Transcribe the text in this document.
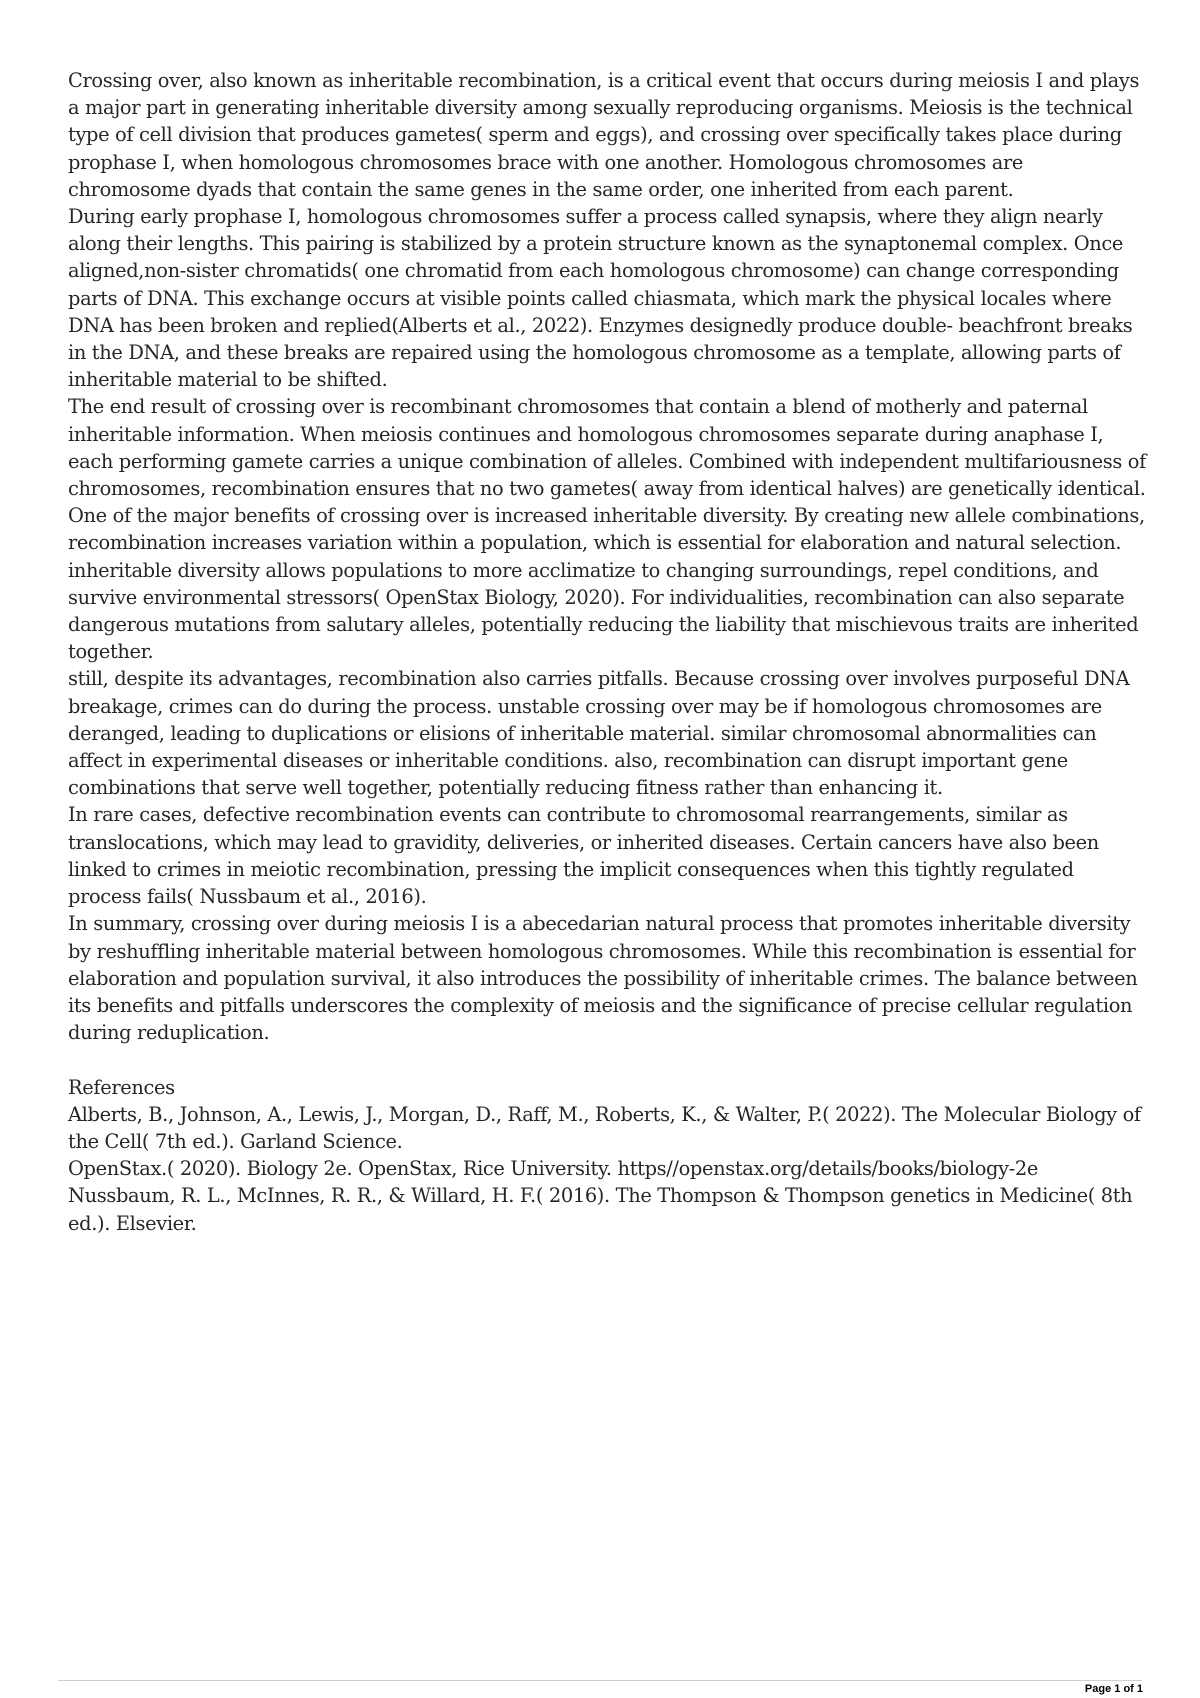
Crossing over, also known as inheritable recombination, is a critical event that occurs during meiosis I and plays a major part in generating inheritable diversity among sexually reproducing organisms. Meiosis is the technical type of cell division that produces gametes( sperm and eggs), and crossing over specifically takes place during prophase I, when homologous chromosomes brace with one another. Homologous chromosomes are chromosome dyads that contain the same genes in the same order, one inherited from each parent.

During early prophase I, homologous chromosomes suffer a process called synapsis, where they align nearly along their lengths. This pairing is stabilized by a protein structure known as the synaptonemal complex. Once aligned,non-sister chromatids( one chromatid from each homologous chromosome) can change corresponding parts of DNA. This exchange occurs at visible points called chiasmata, which mark the physical locales where DNA has been broken and replied(Alberts et al., 2022). Enzymes designedly produce double- beachfront breaks in the DNA, and these breaks are repaired using the homologous chromosome as a template, allowing parts of inheritable material to be shifted.

The end result of crossing over is recombinant chromosomes that contain a blend of motherly and paternal inheritable information. When meiosis continues and homologous chromosomes separate during anaphase I, each performing gamete carries a unique combination of alleles. Combined with independent multifariousness of chromosomes, recombination ensures that no two gametes( away from identical halves) are genetically identical.

One of the major benefits of crossing over is increased inheritable diversity. By creating new allele combinations, recombination increases variation within a population, which is essential for elaboration and natural selection. inheritable diversity allows populations to more acclimatize to changing surroundings, repel conditions, and survive environmental stressors( OpenStax Biology, 2020). For individualities, recombination can also separate dangerous mutations from salutary alleles, potentially reducing the liability that mischievous traits are inherited together.

still, despite its advantages, recombination also carries pitfalls. Because crossing over involves purposeful DNA breakage, crimes can do during the process. unstable crossing over may be if homologous chromosomes are deranged, leading to duplications or elisions of inheritable material. similar chromosomal abnormalities can affect in experimental diseases or inheritable conditions. also, recombination can disrupt important gene combinations that serve well together, potentially reducing fitness rather than enhancing it.

In rare cases, defective recombination events can contribute to chromosomal rearrangements, similar as translocations, which may lead to gravidity, deliveries, or inherited diseases. Certain cancers have also been linked to crimes in meiotic recombination, pressing the implicit consequences when this tightly regulated process fails( Nussbaum et al., 2016).

In summary, crossing over during meiosis I is a abecedarian natural process that promotes inheritable diversity by reshuffling inheritable material between homologous chromosomes. While this recombination is essential for elaboration and population survival, it also introduces the possibility of inheritable crimes. The balance between its benefits and pitfalls underscores the complexity of meiosis and the significance of precise cellular regulation during reduplication.

References

Alberts, B., Johnson, A., Lewis, J., Morgan, D., Raff, M., Roberts, K., & Walter, P.( 2022). The Molecular Biology of the Cell( 7th ed.). Garland Science.

OpenStax.( 2020). Biology 2e. OpenStax, Rice University. https//openstax.org/details/books/biology-2e

Nussbaum, R. L., McInnes, R. R., & Willard, H. F.( 2016). The Thompson & Thompson genetics in Medicine( 8th ed.). Elsevier.

Page 1 of 1
